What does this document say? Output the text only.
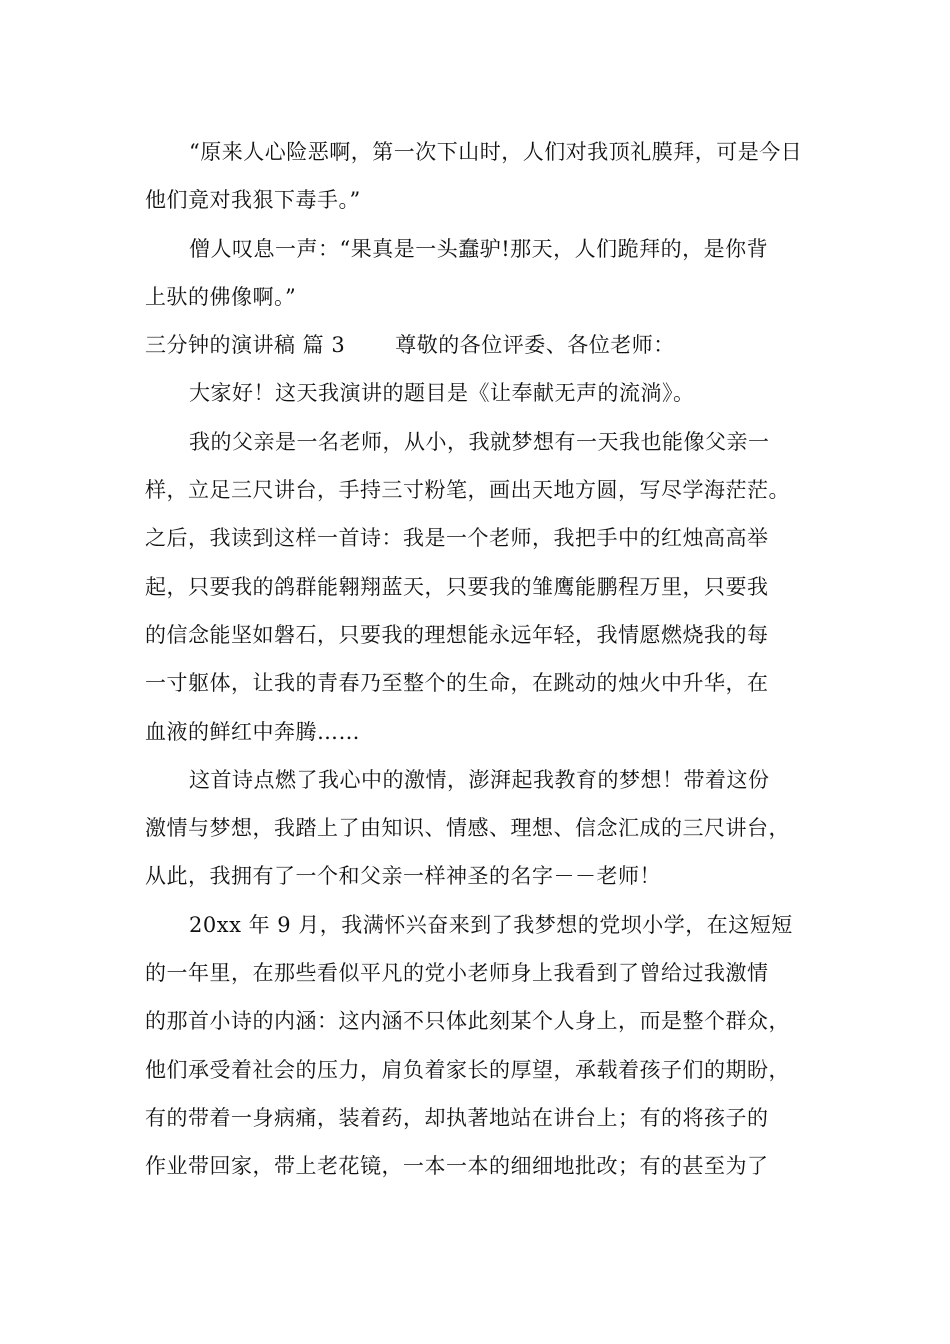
“原来人心险恶啊，第一次下山时，人们对我顶礼膜拜，可是今日
他们竟对我狠下毒手。”
僧人叹息一声：“果真是一头蠢驴!那天，人们跪拜的，是你背
上驮的佛像啊。”
三分钟的演讲稿 篇 3 尊敬的各位评委、各位老师：
大家好！这天我演讲的题目是《让奉献无声的流淌》。
我的父亲是一名老师，从小，我就梦想有一天我也能像父亲一
样，立足三尺讲台，手持三寸粉笔，画出天地方圆，写尽学海茫茫。
之后，我读到这样一首诗：我是一个老师，我把手中的红烛高高举
起，只要我的鸽群能翱翔蓝天，只要我的雏鹰能鹏程万里，只要我
的信念能坚如磐石，只要我的理想能永远年轻，我情愿燃烧我的每
一寸躯体，让我的青春乃至整个的生命，在跳动的烛火中升华，在
血液的鲜红中奔腾……
这首诗点燃了我心中的激情，澎湃起我教育的梦想！带着这份
激情与梦想，我踏上了由知识、情感、理想、信念汇成的三尺讲台，
从此，我拥有了一个和父亲一样神圣的名字－－老师！
20xx 年 9 月，我满怀兴奋来到了我梦想的党坝小学，在这短短
的一年里，在那些看似平凡的党小老师身上我看到了曾给过我激情
的那首小诗的内涵：这内涵不只体此刻某个人身上，而是整个群众，
他们承受着社会的压力，肩负着家长的厚望，承载着孩子们的期盼，
有的带着一身病痛，装着药，却执著地站在讲台上；有的将孩子的
作业带回家，带上老花镜，一本一本的细细地批改；有的甚至为了
